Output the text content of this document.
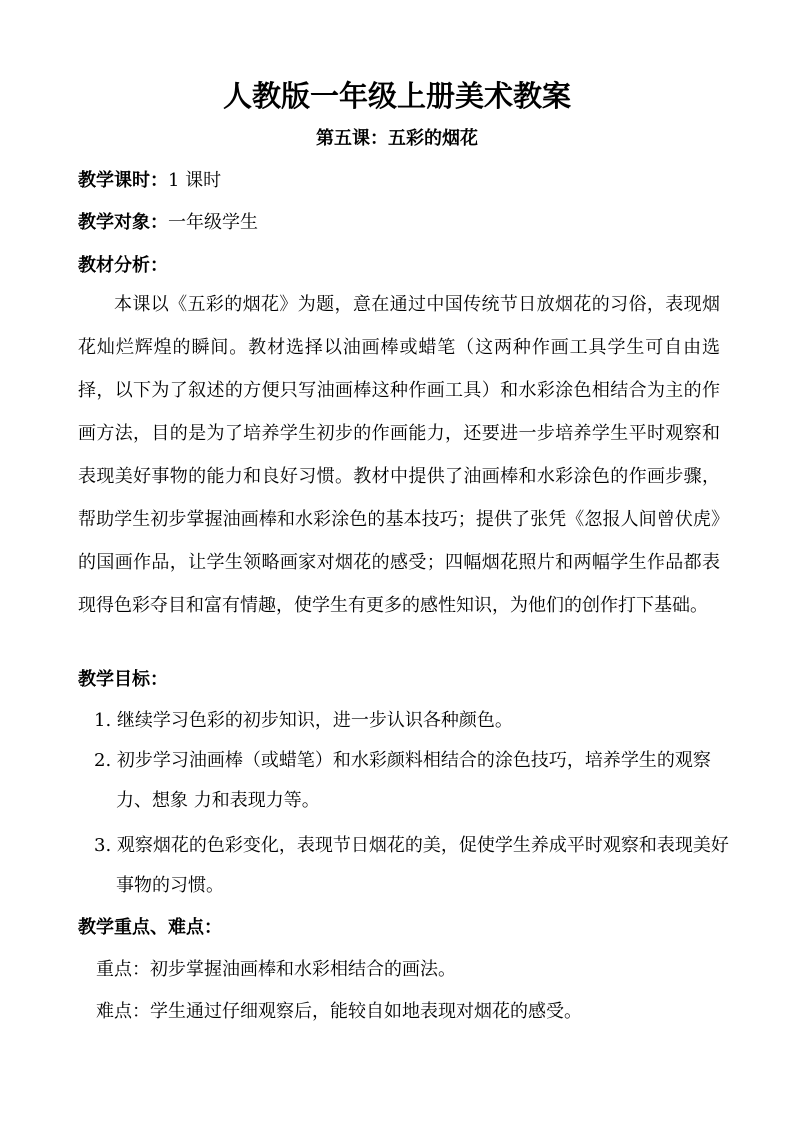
人教版一年级上册美术教案
第五课：五彩的烟花
教学课时：1 课时
教学对象：一年级学生
教材分析：
本课以《五彩的烟花》为题，意在通过中国传统节日放烟花的习俗，表现烟花灿烂辉煌的瞬间。教材选择以油画棒或蜡笔（这两种作画工具学生可自由选择，以下为了叙述的方便只写油画棒这种作画工具）和水彩涂色相结合为主的作画方法，目的是为了培养学生初步的作画能力，还要进一步培养学生平时观察和表现美好事物的能力和良好习惯。教材中提供了油画棒和水彩涂色的作画步骤，帮助学生初步掌握油画棒和水彩涂色的基本技巧；提供了张凭《忽报人间曾伏虎》的国画作品，让学生领略画家对烟花的感受；四幅烟花照片和两幅学生作品都表现得色彩夺目和富有情趣，使学生有更多的感性知识，为他们的创作打下基础。
教学目标：
1. 继续学习色彩的初步知识，进一步认识各种颜色。
2. 初步学习油画棒（或蜡笔）和水彩颜料相结合的涂色技巧，培养学生的观察力、想象 力和表现力等。
3. 观察烟花的色彩变化，表现节日烟花的美，促使学生养成平时观察和表现美好事物的习惯。
教学重点、难点：
重点：初步掌握油画棒和水彩相结合的画法。
难点：学生通过仔细观察后，能较自如地表现对烟花的感受。
